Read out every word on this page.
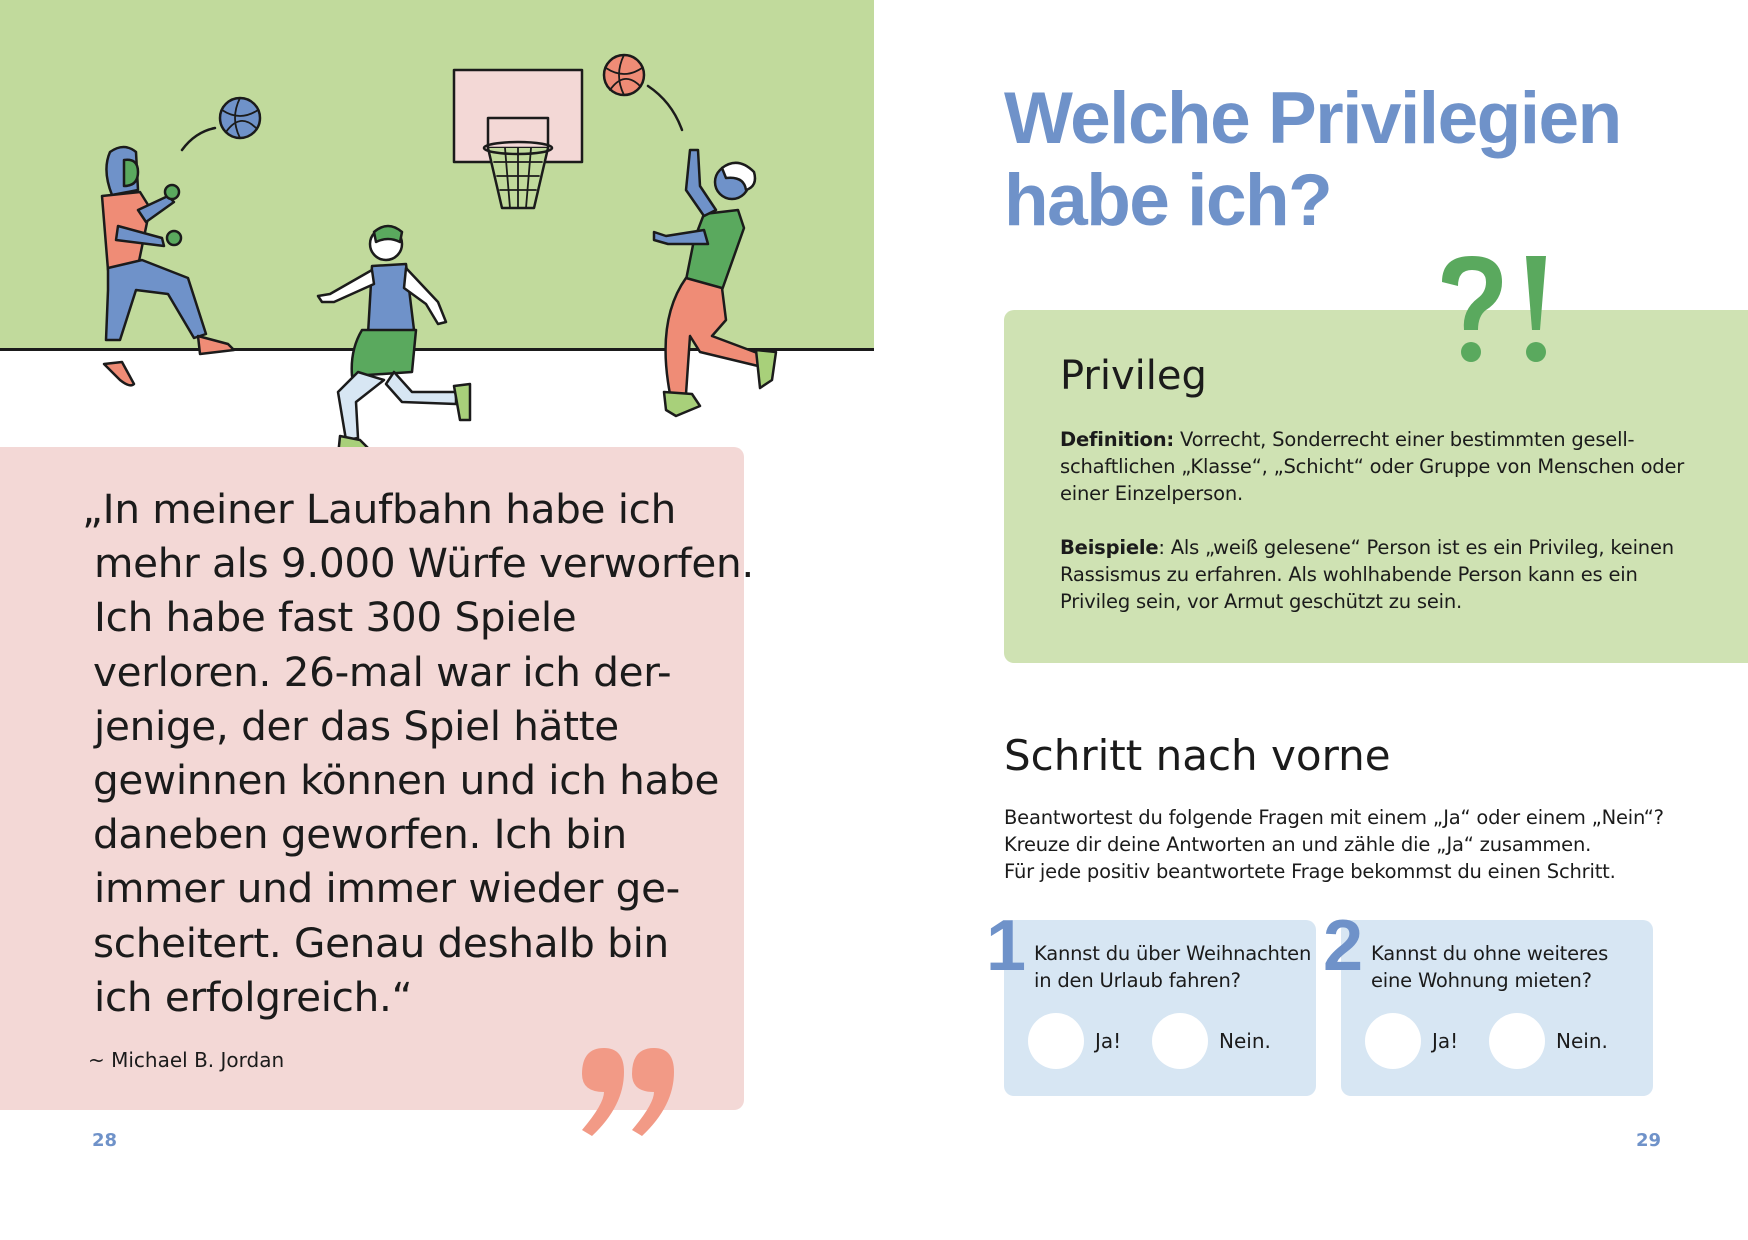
„In meiner Laufbahn habe ich
mehr als 9.000 Würfe verworfen.
Ich habe fast 300 Spiele
verloren. 26-mal war ich der-
jenige, der das Spiel hätte
gewinnen können und ich habe
daneben geworfen. Ich bin
immer und immer wieder ge-
scheitert. Genau deshalb bin
ich erfolgreich.“
~ Michael B. Jordan
28
Welche Privilegien
habe ich?
Privileg
Definition: Vorrecht, Sonderrecht einer bestimmten gesell-
schaftlichen „Klasse“, „Schicht“ oder Gruppe von Menschen oder
einer Einzelperson.
Beispiele: Als „weiß gelesene“ Person ist es ein Privileg, keinen
Rassismus zu erfahren. Als wohlhabende Person kann es ein
Privileg sein, vor Armut geschützt zu sein.
Schritt nach vorne
Beantwortest du folgende Fragen mit einem „Ja“ oder einem „Nein“?
Kreuze dir deine Antworten an und zähle die „Ja“ zusammen.
Für jede positiv beantwortete Frage bekommst du einen Schritt.
Kannst du über Weihnachten
in den Urlaub fahren?
Ja!	Nein.
1	Kannst du ohne weiteres
eine Wohnung mieten?
Ja!	Nein.
2
29
